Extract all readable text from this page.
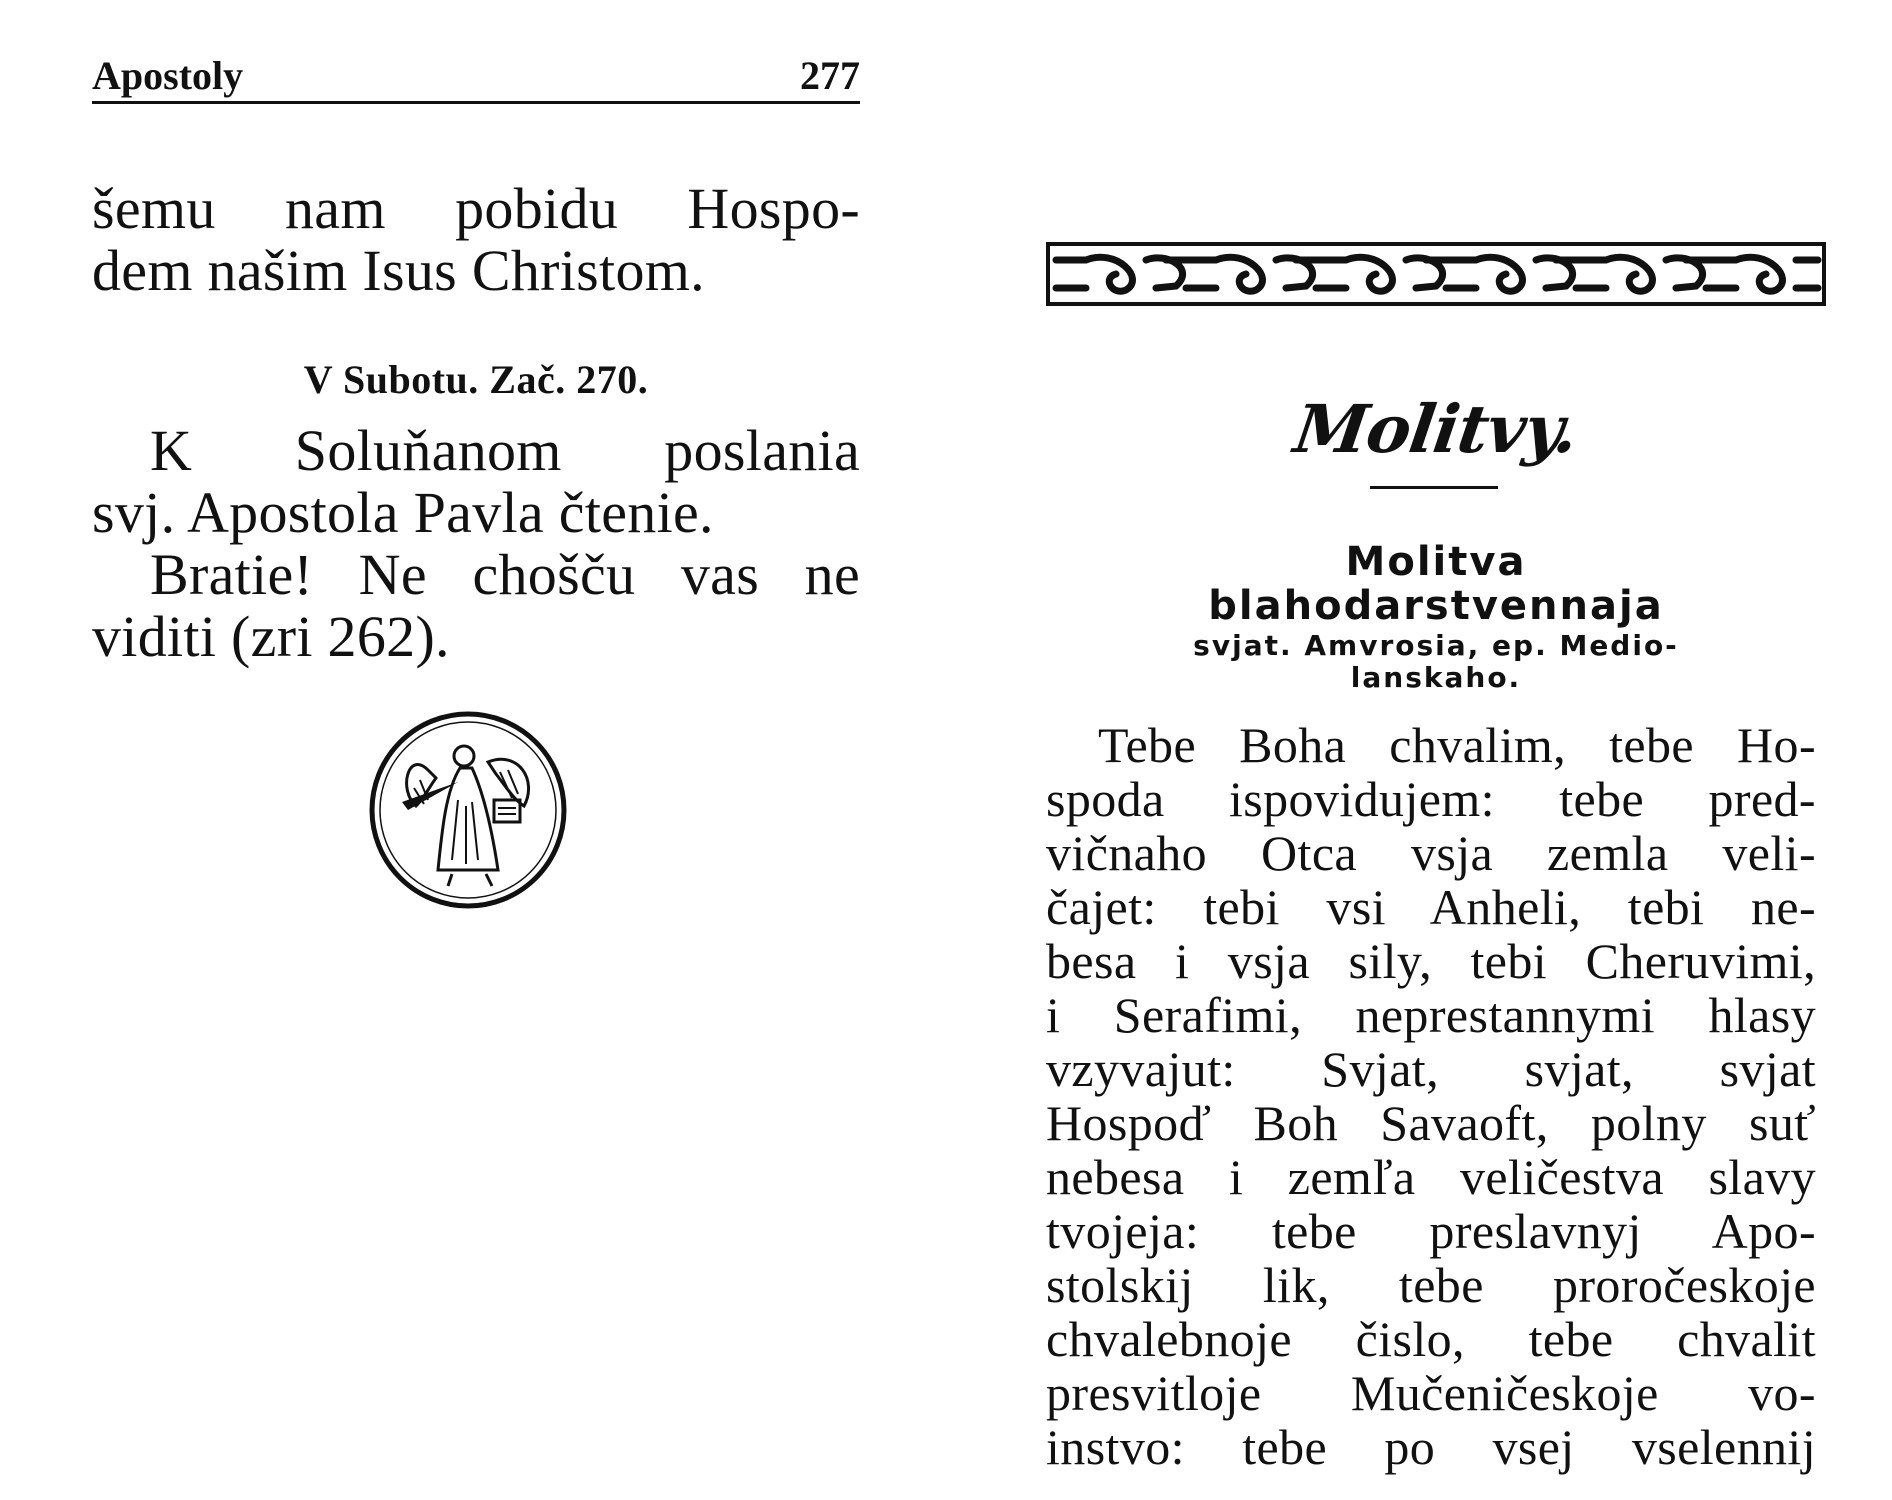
Apostoly	277
šemu nam pobidu Hospo-
dem našim Isus Christom.
V Subotu. Zač. 270.
K Soluňanom poslania
svj. Apostola Pavla čtenie.
Bratie! Ne chošču vas ne
viditi (zri 262).
Molitvy.
Molitva
blahodarstvennaja
svjat. Amvrosia, ep. Medio-
lanskaho.
Tebe Boha chvalim, tebe Ho-
spoda ispovidujem: tebe pred-
vičnaho Otca vsja zemla veli-
čajet: tebi vsi Anheli, tebi ne-
besa i vsja sily, tebi Cheruvimi,
i Serafimi, neprestannymi hlasy
vzyvajut: Svjat, svjat, svjat
Hospoď Boh Savaoft, polny suť
nebesa i zemľa veličestva slavy
tvojeja: tebe preslavnyj Apo-
stolskij lik, tebe proročeskoje
chvalebnoje čislo, tebe chvalit
presvitloje Mučeničeskoje vo-
instvo: tebe po vsej vselennij
